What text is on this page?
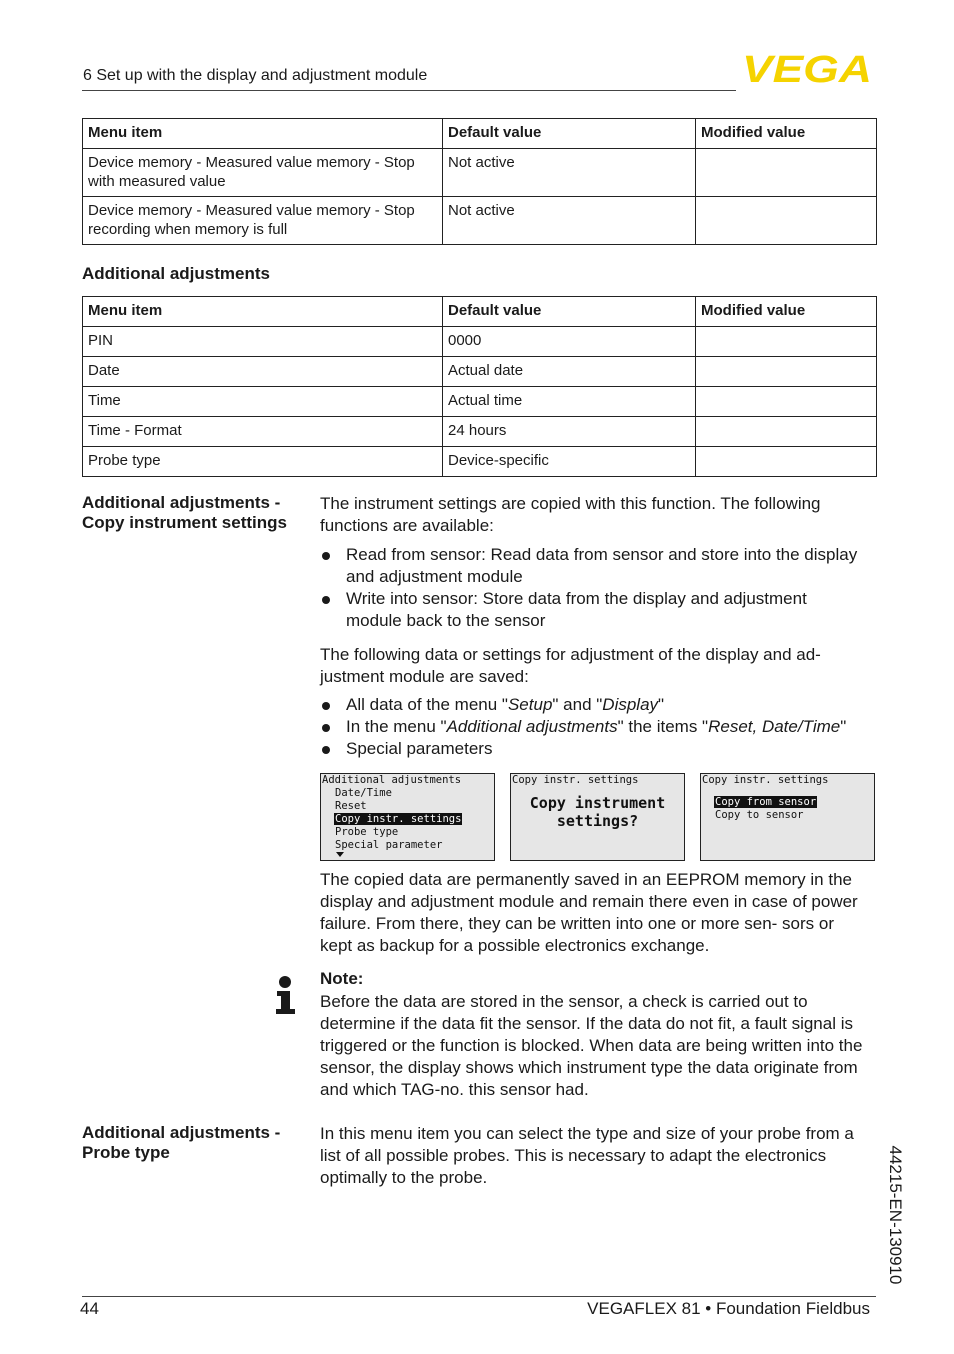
6 Set up with the display and adjustment module	VEGA
Menu item	Default value	Modified value
Device memory - Measured value memory - Stop with measured value	Not active	
Device memory - Measured value memory - Stop recording when memory is full	Not active	
Additional adjustments
Menu item	Default value	Modified value
PIN	0000	
Date	Actual date	
Time	Actual time	
Time - Format	24 hours	
Probe type	Device-specific	
Additional adjustments -
Copy instrument settings
The instrument settings are copied with this function. The following functions are available:
Read from sensor: Read data from sensor and store into the display and adjustment module
Write into sensor: Store data from the display and adjustment module back to the sensor
The following data or settings for adjustment of the display and ad- justment module are saved:
All data of the menu "Setup" and "Display"
In the menu "Additional adjustments" the items "Reset, Date/Time"
Special parameters
Additional adjustments
Date/Time
Reset
Copy instr. settings
Probe type
Special parameter
Copy instr. settings
Copy instrument
settings?
Copy instr. settings
Copy from sensor
Copy to sensor
The copied data are permanently saved in an EEPROM memory in the display and adjustment module and remain there even in case of power failure. From there, they can be written into one or more sen- sors or kept as backup for a possible electronics exchange.
Note:
Before the data are stored in the sensor, a check is carried out to determine if the data fit the sensor. If the data do not fit, a fault signal is triggered or the function is blocked. When data are being written into the sensor, the display shows which instrument type the data originate from and which TAG-no. this sensor had.
Additional adjustments -
Probe type
In this menu item you can select the type and size of your probe from a list of all possible probes. This is necessary to adapt the electronics optimally to the probe.	44215-EN-130910
44	VEGAFLEX 81 • Foundation Fieldbus
